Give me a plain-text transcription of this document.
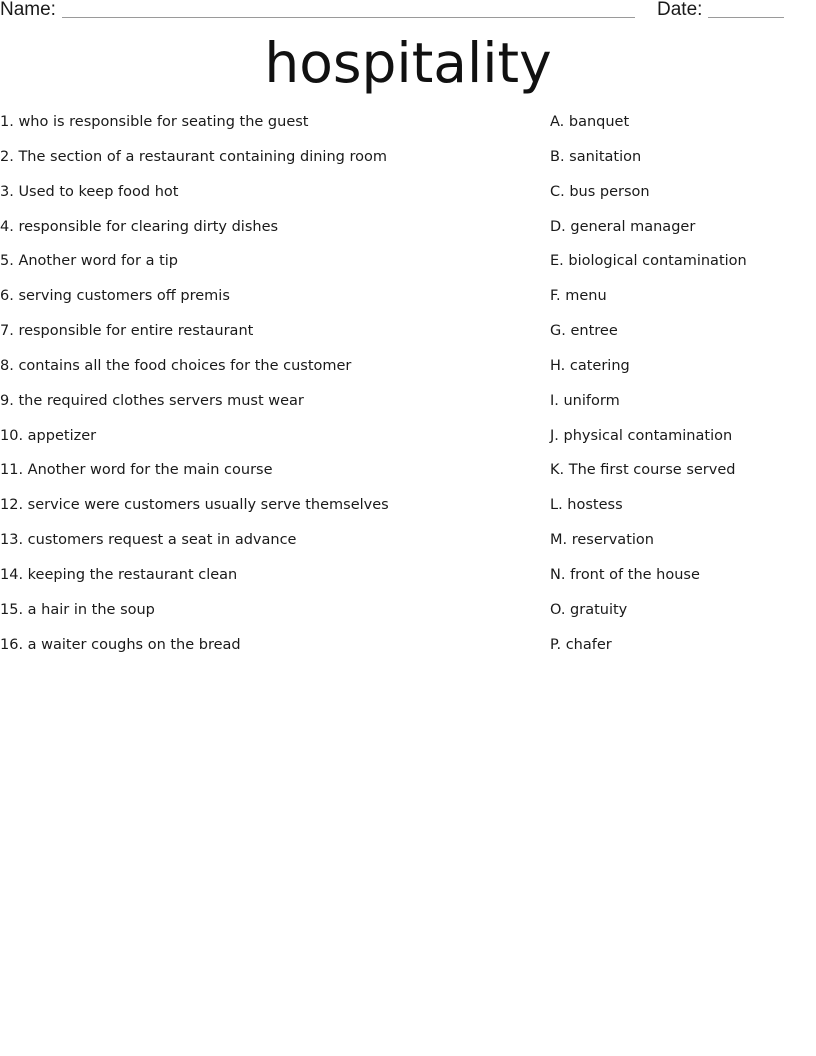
Name:	Date:
hospitality
1. who is responsible for seating the guest
2. The section of a restaurant containing dining room
3. Used to keep food hot
4. responsible for clearing dirty dishes
5. Another word for a tip
6. serving customers off premis
7. responsible for entire restaurant
8. contains all the food choices for the customer
9. the required clothes servers must wear
10. appetizer
11. Another word for the main course
12. service were customers usually serve themselves
13. customers request a seat in advance
14. keeping the restaurant clean
15. a hair in the soup
16. a waiter coughs on the bread
A. banquet
B. sanitation
C. bus person
D. general manager
E. biological contamination
F. menu
G. entree
H. catering
I. uniform
J. physical contamination
K. The first course served
L. hostess
M. reservation
N. front of the house
O. gratuity
P. chafer
